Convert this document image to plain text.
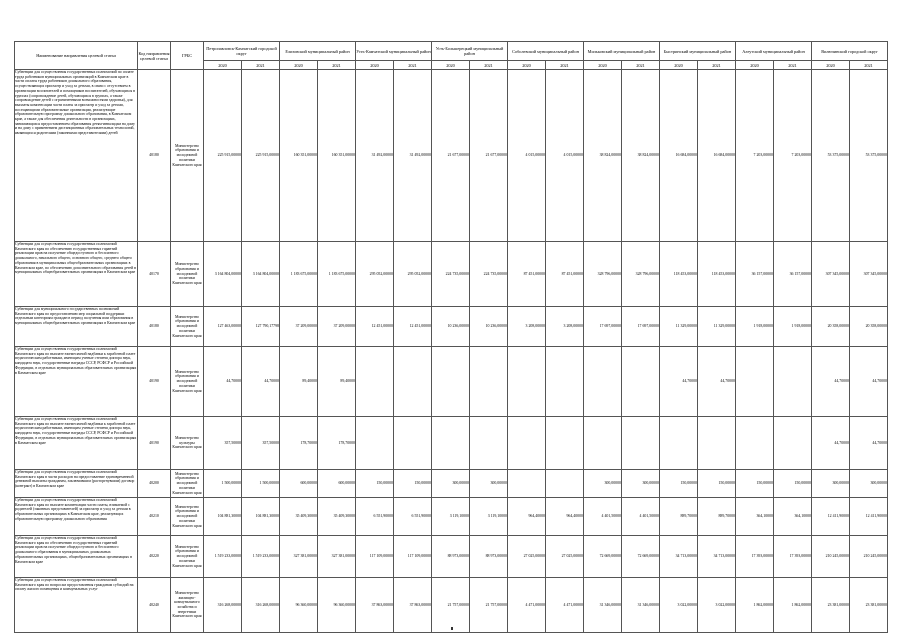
Наименование направления целевой статьи	Код направления целевой статьи	ГРБС	Петропавловск-Камчатский городской округ		Елизовский муниципальный район		Усть-Камчатский муниципальный район		Усть-Большерецкий муниципальный район		Соболевский муниципальный район		Мильковский муниципальный район		Быстринский муниципальный район		Алеутский муниципальный район		Вилючинский городской округ	
			2020	2021	2020	2021	2020	2021	2020	2021	2020	2021	2020	2021	2020	2021	2020	2021	2020	2021
Субвенции для осуществления государственных полномочий по оплате труда работников муниципальных организаций в Камчатском крае в части оплаты труда работников дошкольного образования, осуществляющих присмотр и уход за детьми, в связи с отсутствием в организации воспитателей и помощников воспитателей, обучающихся в группах (сопровождение детей, обучающихся в группах, а также сопровождение детей с ограниченными возможностями здоровья), для выплаты компенсации части платы за присмотр и уход за детьми, посещающими образовательные организации, реализующие образовательную программу дошкольного образования, в Камчатском крае, а также для обеспечения деятельности в организациях, занимающихся предоставлением образования детям-инвалидам на дому и на дому с применением дистанционных образовательных технологий, являющихся родителями (законными представителями) детей	40180	Министерство образования и молодежной политики Камчатского края	225 915,00000	225 915,00000	160 351,00000	160 351,00000	31 492,00000	31 492,00000	21 677,00000	21 677,00000	4 015,00000	4 015,00000	38 824,00000	38 824,00000	16 684,00000	16 684,00000	7 203,00000	7 203,00000	53 375,00000	53 375,00000
Субвенции для осуществления государственных полномочий Камчатского края по обеспечению государственных гарантий реализации прав на получение общедоступного и бесплатного дошкольного, начального общего, основного общего, среднего общего образования в муниципальных общеобразовательных организациях в Камчатском крае, по обеспечению дополнительного образования детей в муниципальных общеобразовательных организациях в Камчатском крае	40170	Министерство образования и молодежной политики Камчатского края	3 164 804,00000	3 164 804,00000	1 183 675,00000	1 183 675,00000	295 052,00000	295 052,00000	224 735,00000	224 735,00000	87 451,00000	87 451,00000	328 796,00000	328 796,00000	118 453,00000	118 453,00000	36 157,00000	36 157,00000	307 345,00000	307 345,00000
Субвенции для муниципального государственных полномочий Камчатского края по предоставлению мер социальной поддержки отдельным категориям граждан в период получения ими образования в муниципальных общеобразовательных организациях в Камчатском крае	40180	Министерство образования и молодежной политики Камчатского края	127 463,00000	127 790,17798	37 209,00000	37 209,00000	12 451,00000	12 451,00000	10 236,00000	10 236,00000	3 208,00000	3 208,00000	17 697,00000	17 697,00000	11 329,00000	11 329,00000	1 918,00000	1 918,00000	20 358,00000	20 358,00000
Субвенции для осуществления государственных полномочий Камчатского края по выплате ежемесячной надбавки к заработной плате педагогическим работникам, имеющим ученые степени доктора наук, кандидата наук, государственные награды СССР, РСФСР и Российской Федерации, в отдельных муниципальных образовательных организациях в Камчатском крае	40190	Министерство образования и молодежной политики Камчатского края	44,70000	44,70000	89,40000	89,40000									44,70000	44,70000			44,70000	44,70000
Субвенции для осуществления государственных полномочий Камчатского края по выплате ежемесячной надбавки к заработной плате педагогическим работникам, имеющим ученые степени доктора наук, кандидата наук, государственные награды СССР, РСФСР и Российской Федерации, в отдельных муниципальных образовательных организациях в Камчатском крае	40190	Министерство культуры Камчатского края	357,50000	357,50000	178,70000	178,70000													44,70000	44,70000
Субвенции для осуществления государственных полномочий Камчатского края в части расходов на предоставление единовременной денежной выплаты гражданам, заключившим (расторгнувшим) договор (контракт) в Камчатском крае	40200	Министерство образования и молодежной политики Камчатского края	1 500,00000	1 500,00000	600,00000	600,00000	150,00000	150,00000	300,00000	300,00000			300,00000	300,00000	150,00000	150,00000	150,00000	150,00000	300,00000	300,00000
Субвенции для осуществления государственных полномочий Камчатского края по выплате компенсации части платы, взимаемой с родителей (законных представителей) за присмотр и уход за детьми в образовательных организациях в Камчатском крае, реализующих образовательную программу дошкольного образования	40210	Министерство образования и молодежной политики Камчатского края	104 881,30000	104 881,30000	35 409,30000	35 409,30000	6 551,90000	6 551,90000	3 119,10000	3 119,10000	964,40000	964,40000	4 401,50000	4 401,50000	889,70000	889,70000	364,10000	364,10000	12 411,90000	12 411,90000
Субвенции для осуществления государственных полномочий Камчатского края по обеспечению государственных гарантий реализации прав на получение общедоступного и бесплатного дошкольного образования в муниципальных дошкольных образовательных организациях, общеобразовательных организациях в Камчатском крае	40220	Министерство образования и молодежной политики Камчатского края	1 519 233,00000	1 519 233,00000	327 381,00000	327 381,00000	117 109,00000	117 109,00000	88 973,00000	88 973,00000	27 025,00000	27 025,00000	72 669,00000	72 669,00000	34 713,00000	34 713,00000	17 393,00000	17 393,00000	210 245,00000	210 245,00000
Субвенции для осуществления государственных полномочий Камчатского края по вопросам предоставления гражданам субсидий на оплату жилого помещения и коммунальных услуг	40240	Министерство жилищно-коммунального хозяйства и энергетики Камчатского края	316 268,00000	316 268,00000	96 360,00000	96 360,00000	37 863,00000	37 863,00000	21 757,00000	21 757,00000	4 471,00000	4 471,00000	31 346,00000	31 346,00000	3 022,00000	3 022,00000	1 862,00000	1 862,00000	23 381,00000	23 381,00000
